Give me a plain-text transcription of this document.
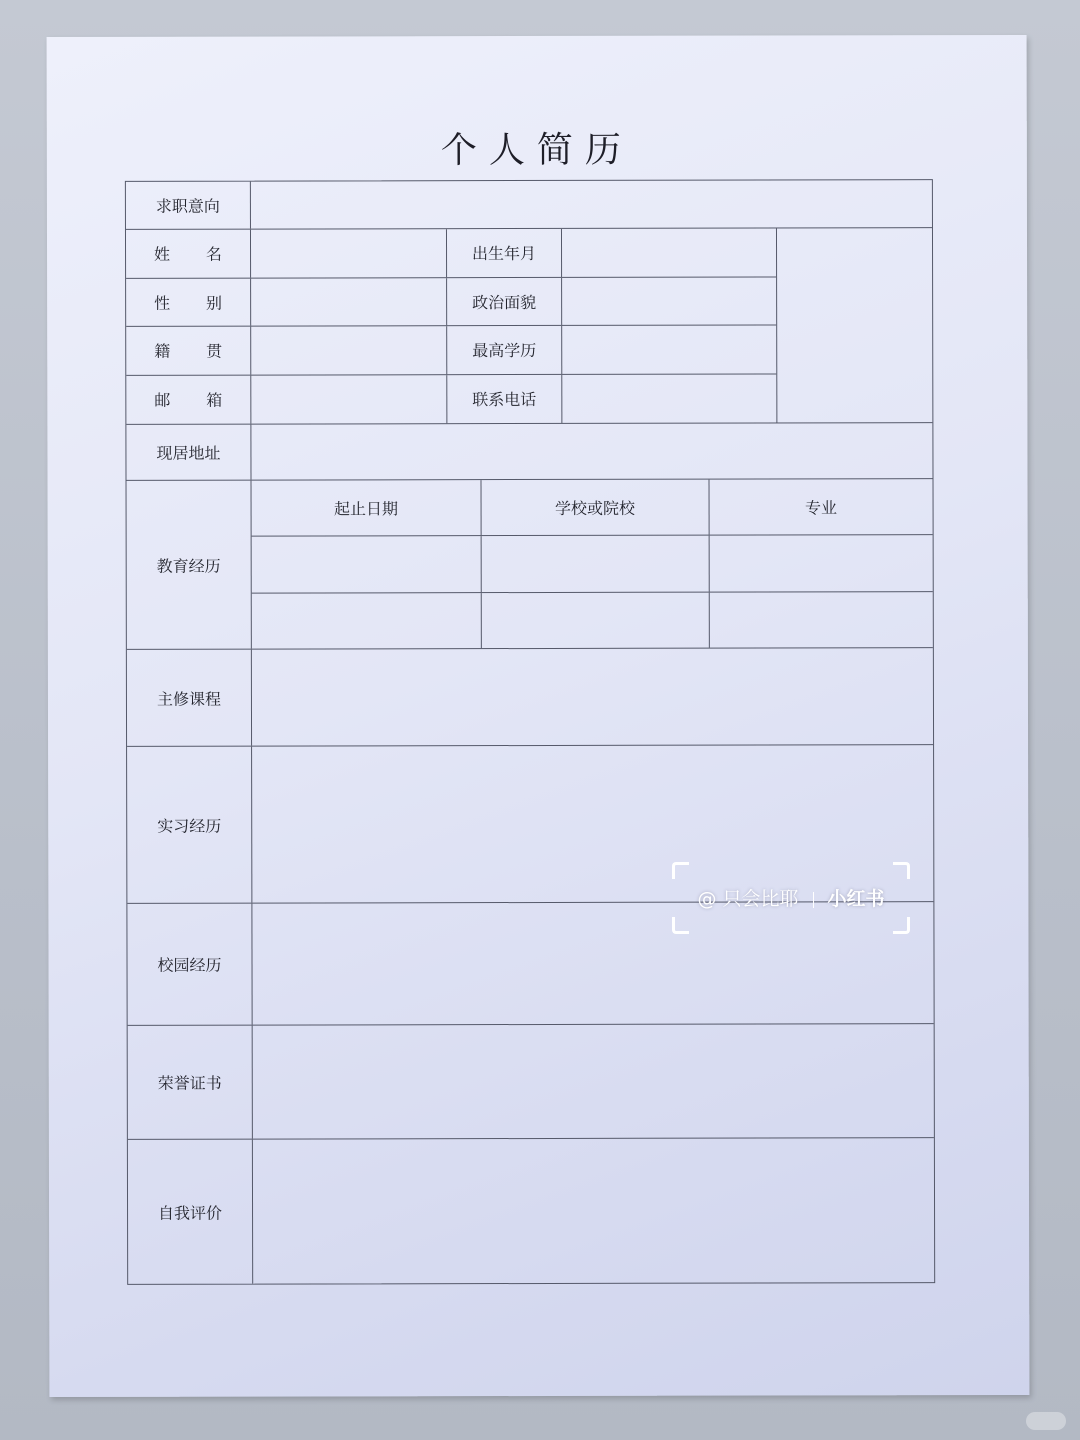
个人简历
求职意向
姓 名	出生年月
性 别	政治面貌
籍 贯	最高学历
邮 箱	联系电话
现居地址
教育经历
起止日期	学校或院校	专业
主修课程
实习经历
校园经历
荣誉证书
自我评价
@ 只会比耶 小红书
